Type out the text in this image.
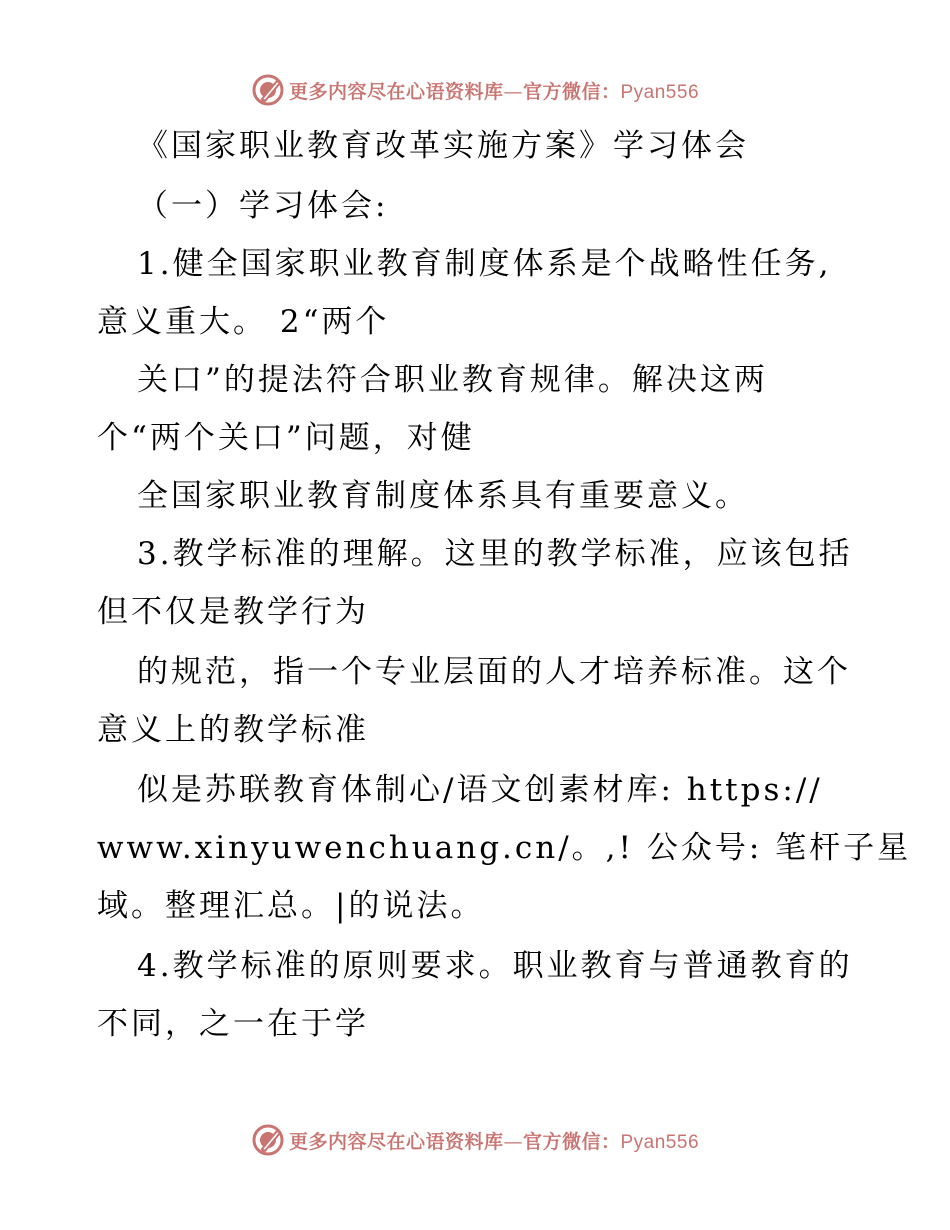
更多内容尽在心语资料库—官方微信：Pyan556
《国家职业教育改革实施方案》学习体会
（一）学习体会:
1.健全国家职业教育制度体系是个战略性任务,
意义重大。 2“两个
关口”的提法符合职业教育规律。解决这两
个“两个关口”问题，对健
全国家职业教育制度体系具有重要意义。
3.教学标准的理解。这里的教学标准，应该包括
但不仅是教学行为
的规范，指一个专业层面的人才培养标准。这个
意义上的教学标准
似是苏联教育体制心/语文创素材库: https://
www.xinyuwenchuang.cn/。,! 公众号: 笔杆子星
域。整理汇总。|的说法。
4.教学标准的原则要求。职业教育与普通教育的
不同，之一在于学
更多内容尽在心语资料库—官方微信：Pyan556
